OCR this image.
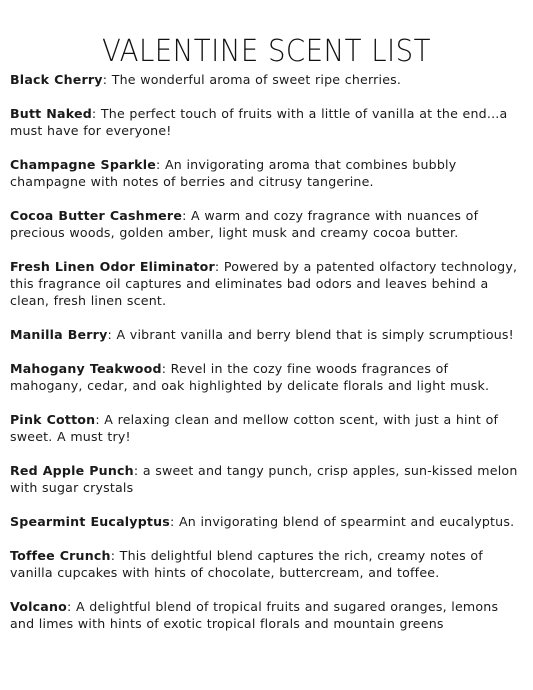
VALENTINE SCENT LIST

Black Cherry: The wonderful aroma of sweet ripe cherries.

Butt Naked: The perfect touch of fruits with a little of vanilla at the end...a must have for everyone!

Champagne Sparkle: An invigorating aroma that combines bubbly champagne with notes of berries and citrusy tangerine.

Cocoa Butter Cashmere: A warm and cozy fragrance with nuances of precious woods, golden amber, light musk and creamy cocoa butter.

Fresh Linen Odor Eliminator: Powered by a patented olfactory technology, this fragrance oil captures and eliminates bad odors and leaves behind a clean, fresh linen scent.

Manilla Berry: A vibrant vanilla and berry blend that is simply scrumptious!

Mahogany Teakwood: Revel in the cozy fine woods fragrances of mahogany, cedar, and oak highlighted by delicate florals and light musk.

Pink Cotton: A relaxing clean and mellow cotton scent, with just a hint of sweet. A must try!

Red Apple Punch: a sweet and tangy punch, crisp apples, sun-kissed melon with sugar crystals

Spearmint Eucalyptus: An invigorating blend of spearmint and eucalyptus.

Toffee Crunch: This delightful blend captures the rich, creamy notes of vanilla cupcakes with hints of chocolate, buttercream, and toffee.

Volcano: A delightful blend of tropical fruits and sugared oranges, lemons and limes with hints of exotic tropical florals and mountain greens
